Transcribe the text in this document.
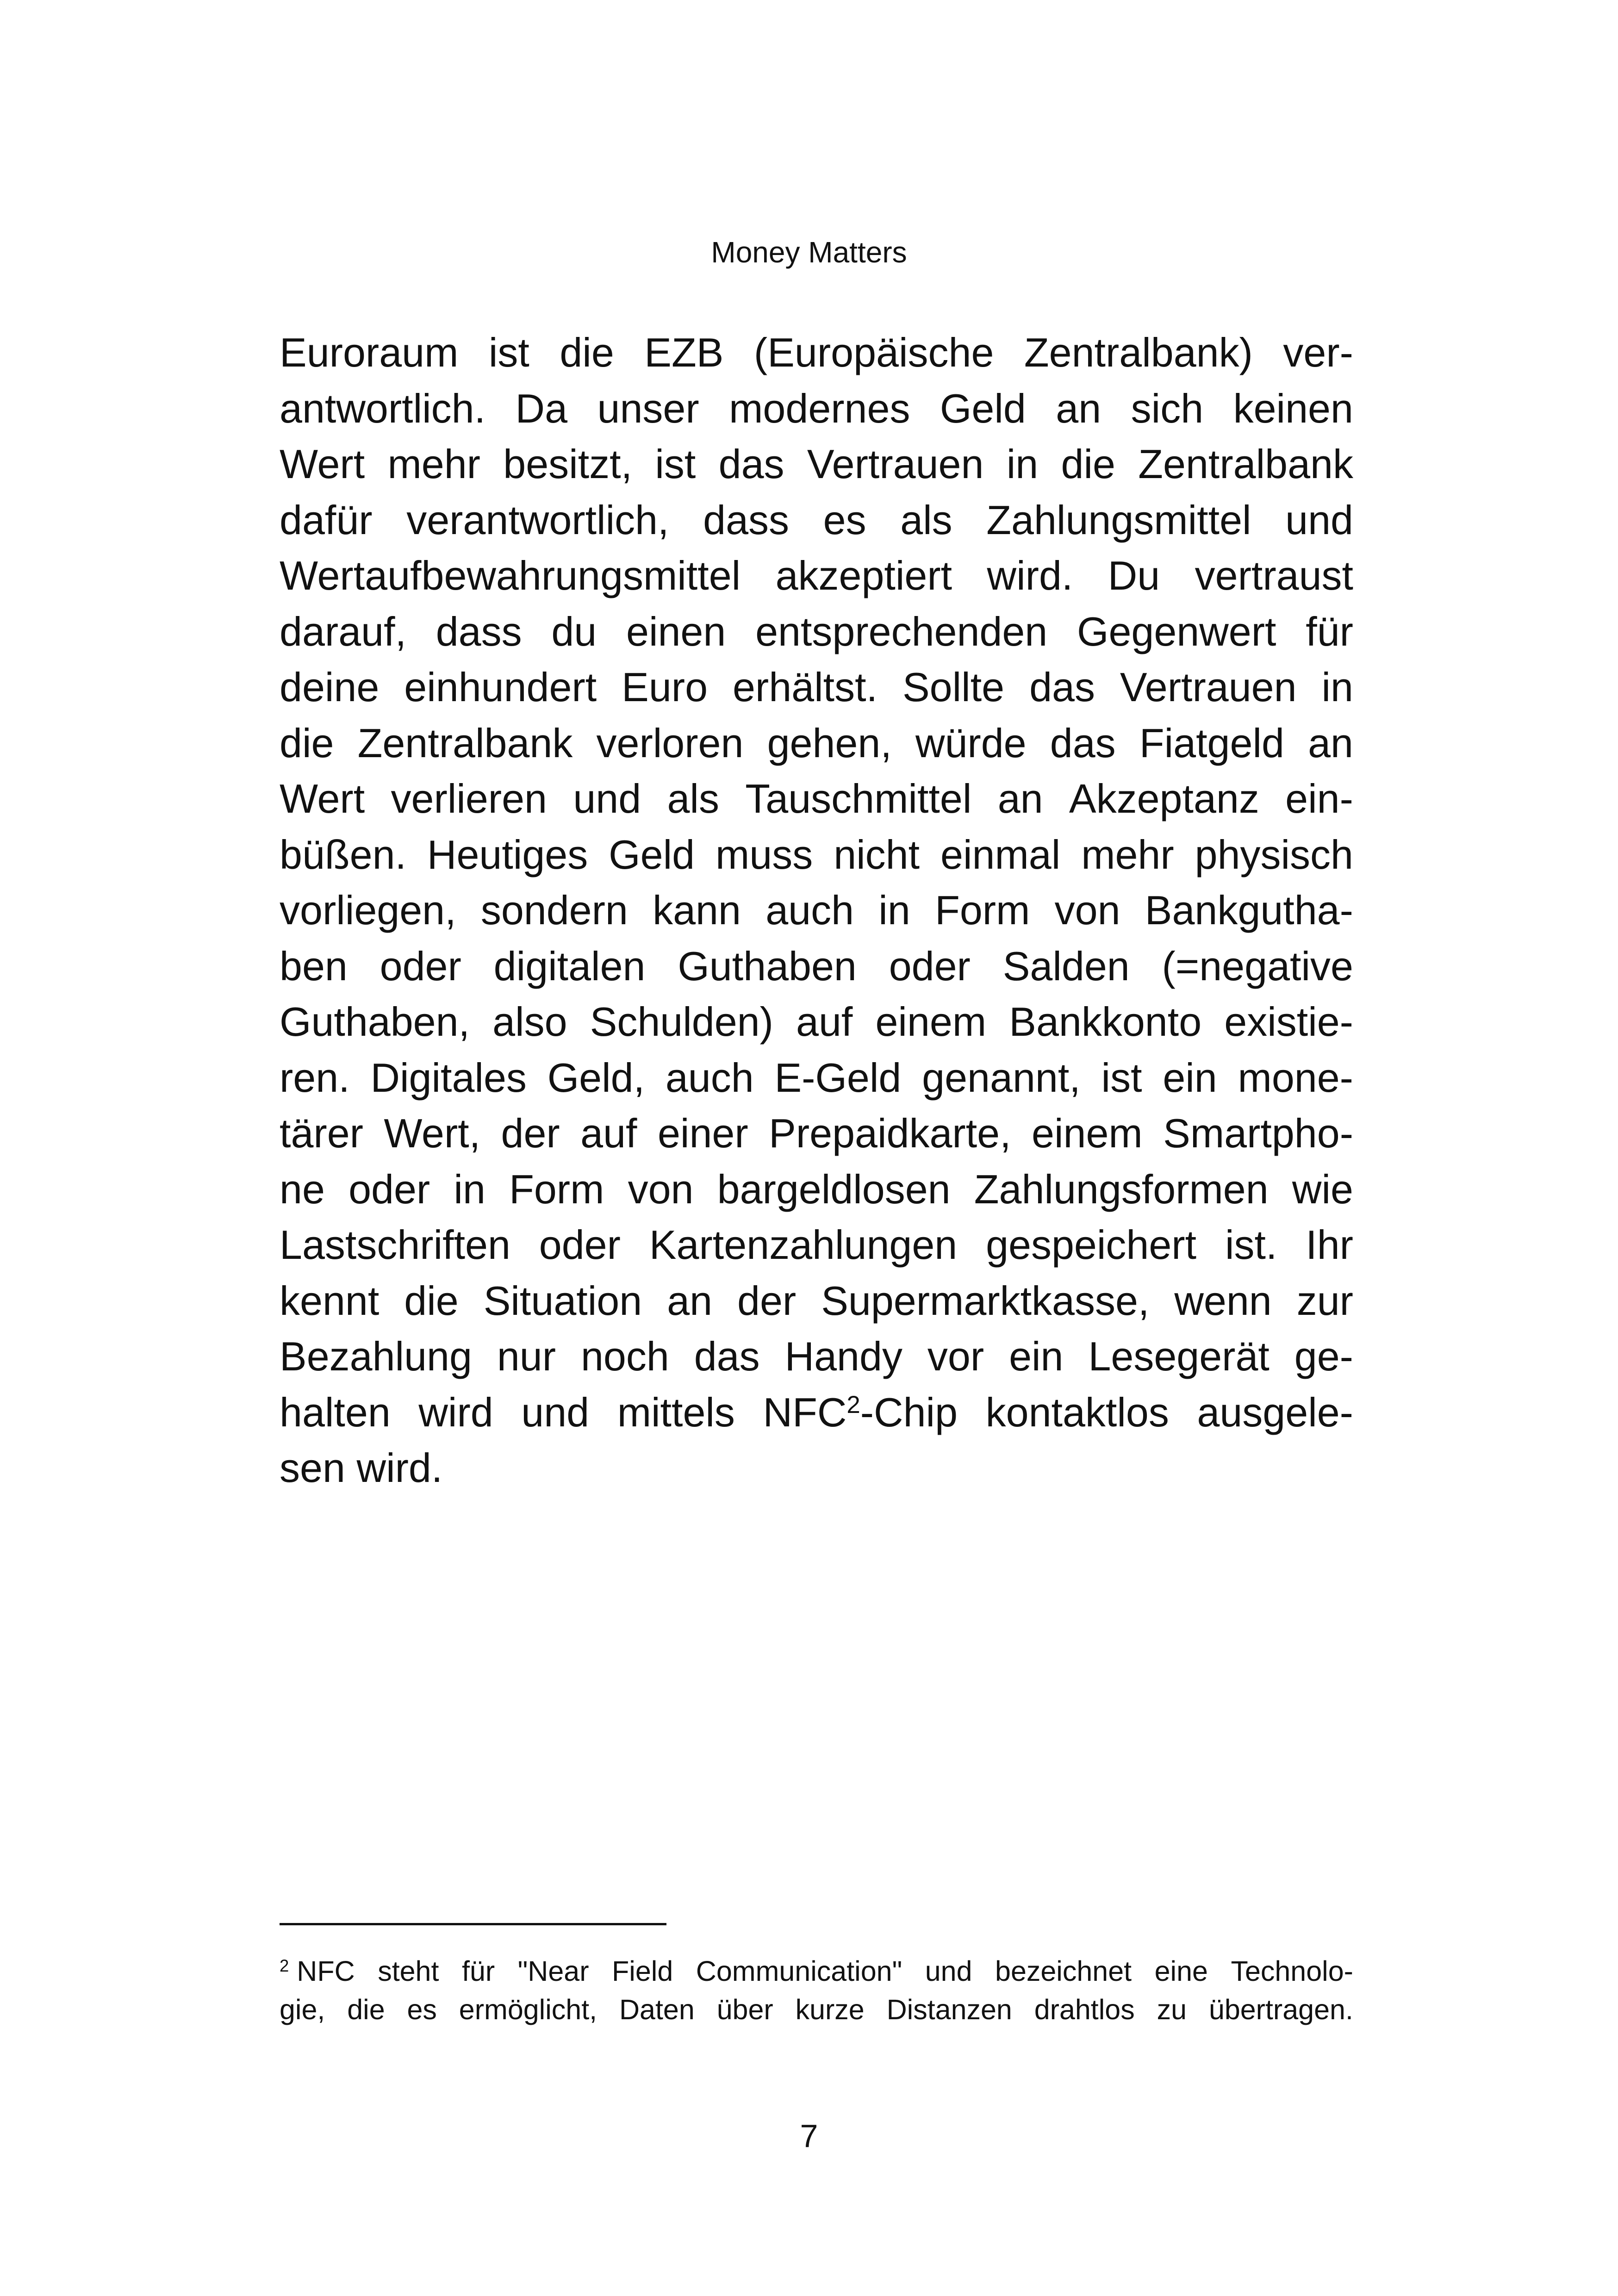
Money Matters
Euroraum ist die EZB (Europäische Zentralbank) ver-
antwortlich. Da unser modernes Geld an sich keinen
Wert mehr besitzt, ist das Vertrauen in die Zentralbank
dafür verantwortlich, dass es als Zahlungsmittel und
Wertaufbewahrungsmittel akzeptiert wird. Du vertraust
darauf, dass du einen entsprechenden Gegenwert für
deine einhundert Euro erhältst. Sollte das Vertrauen in
die Zentralbank verloren gehen, würde das Fiatgeld an
Wert verlieren und als Tauschmittel an Akzeptanz ein-
büßen. Heutiges Geld muss nicht einmal mehr physisch
vorliegen, sondern kann auch in Form von Bankgutha-
ben oder digitalen Guthaben oder Salden (=negative
Guthaben, also Schulden) auf einem Bankkonto existie-
ren. Digitales Geld, auch E-Geld genannt, ist ein mone-
tärer Wert, der auf einer Prepaidkarte, einem Smartpho-
ne oder in Form von bargeldlosen Zahlungsformen wie
Lastschriften oder Kartenzahlungen gespeichert ist. Ihr
kennt die Situation an der Supermarktkasse, wenn zur
Bezahlung nur noch das Handy vor ein Lesegerät ge-
halten wird und mittels NFC$^2$-Chip kontaktlos ausgele-
sen wird.
$^2$ NFC steht für "Near Field Communication" und bezeichnet eine Technolo-
gie, die es ermöglicht, Daten über kurze Distanzen drahtlos zu übertragen.
7
